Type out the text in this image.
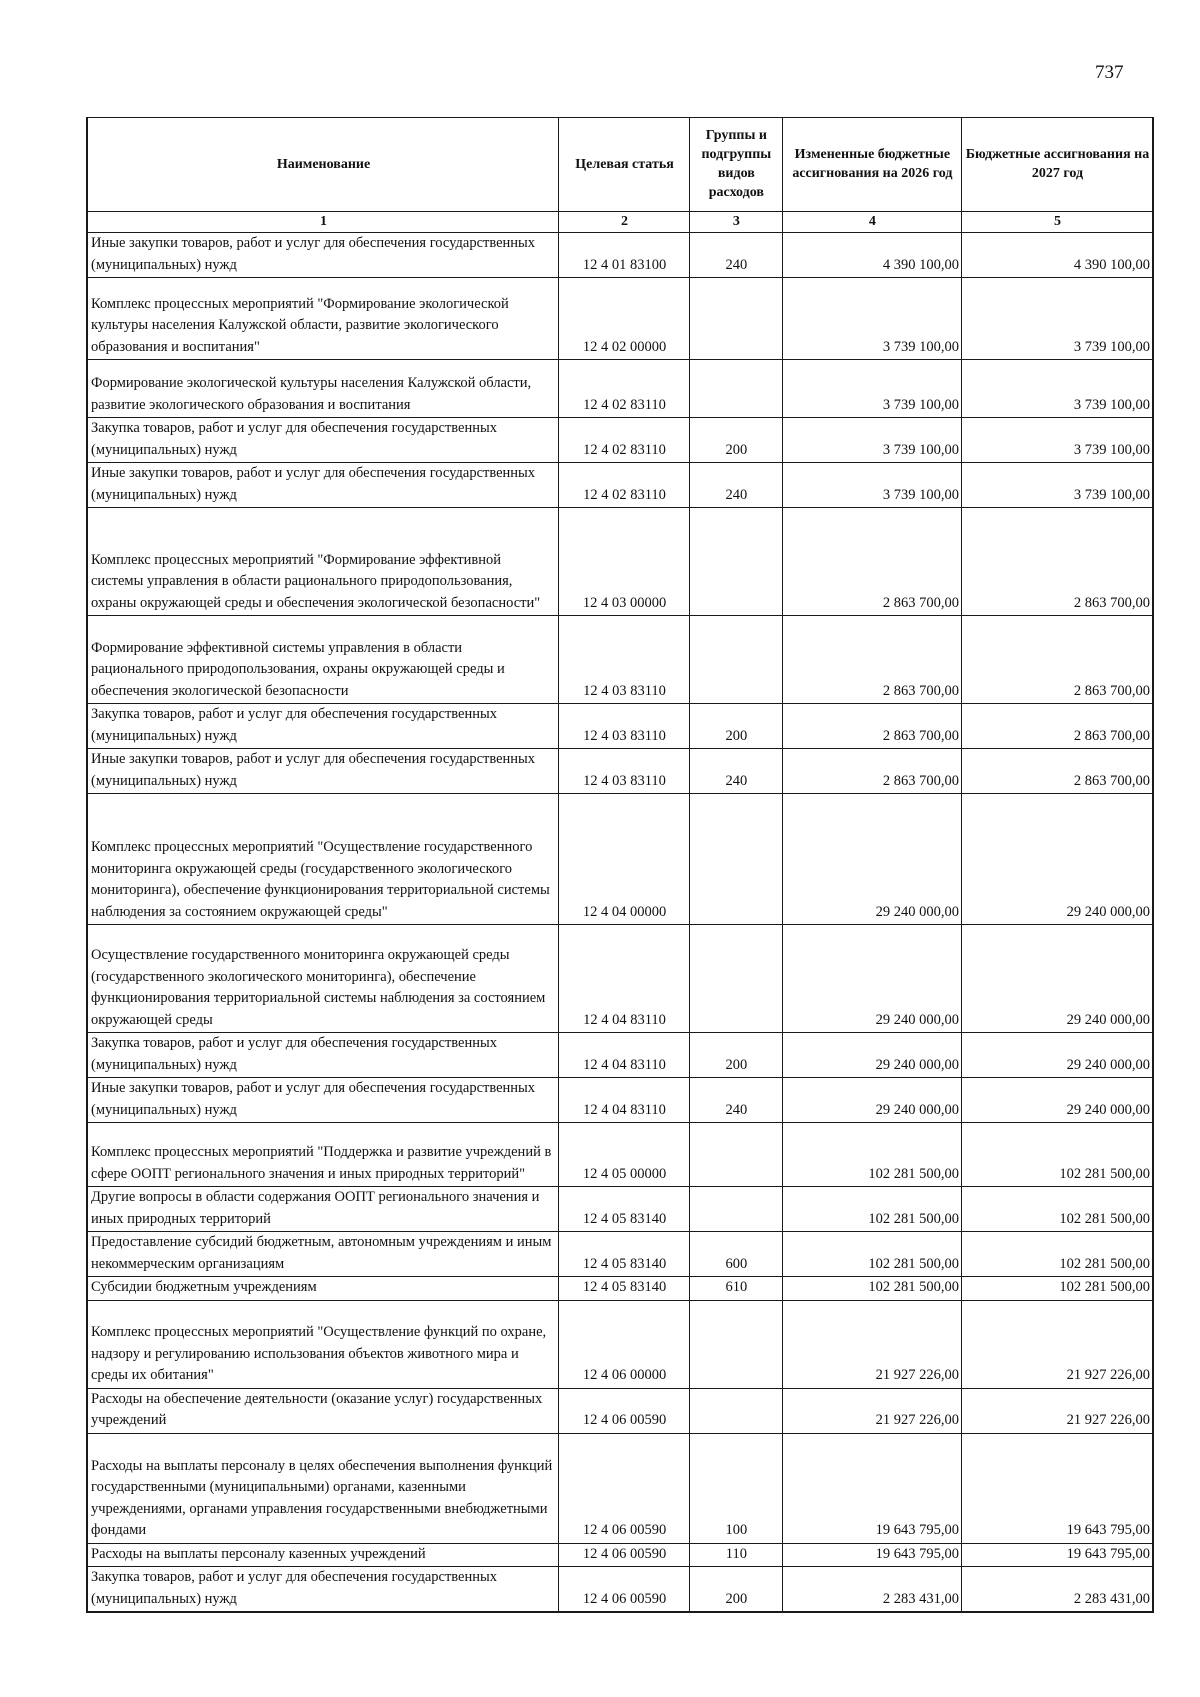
737
Наименование	Целевая статья	Группы и подгруппы видов расходов	Измененные бюджетные ассигнования на 2026 год	Бюджетные ассигнования на 2027 год
1	2	3	4	5
Иные закупки товаров, работ и услуг для обеспечения государственных (муниципальных) нужд	12 4 01 83100	240	4 390 100,00	4 390 100,00
Комплекс процессных мероприятий "Формирование экологической культуры населения Калужской области, развитие экологического образования и воспитания"	12 4 02 00000		3 739 100,00	3 739 100,00
Формирование экологической культуры населения Калужской области, развитие экологического образования и воспитания	12 4 02 83110		3 739 100,00	3 739 100,00
Закупка товаров, работ и услуг для обеспечения государственных (муниципальных) нужд	12 4 02 83110	200	3 739 100,00	3 739 100,00
Иные закупки товаров, работ и услуг для обеспечения государственных (муниципальных) нужд	12 4 02 83110	240	3 739 100,00	3 739 100,00
Комплекс процессных мероприятий "Формирование эффективной системы управления в области рационального природопользования, охраны окружающей среды и обеспечения экологической безопасности"	12 4 03 00000		2 863 700,00	2 863 700,00
Формирование эффективной системы управления в области рационального природопользования, охраны окружающей среды и обеспечения экологической безопасности	12 4 03 83110		2 863 700,00	2 863 700,00
Закупка товаров, работ и услуг для обеспечения государственных (муниципальных) нужд	12 4 03 83110	200	2 863 700,00	2 863 700,00
Иные закупки товаров, работ и услуг для обеспечения государственных (муниципальных) нужд	12 4 03 83110	240	2 863 700,00	2 863 700,00
Комплекс процессных мероприятий "Осуществление государственного мониторинга окружающей среды (государственного экологического мониторинга), обеспечение функционирования территориальной системы наблюдения за состоянием окружающей среды"	12 4 04 00000		29 240 000,00	29 240 000,00
Осуществление государственного мониторинга окружающей среды (государственного экологического мониторинга), обеспечение функционирования территориальной системы наблюдения за состоянием окружающей среды	12 4 04 83110		29 240 000,00	29 240 000,00
Закупка товаров, работ и услуг для обеспечения государственных (муниципальных) нужд	12 4 04 83110	200	29 240 000,00	29 240 000,00
Иные закупки товаров, работ и услуг для обеспечения государственных (муниципальных) нужд	12 4 04 83110	240	29 240 000,00	29 240 000,00
Комплекс процессных мероприятий "Поддержка и развитие учреждений в сфере ООПТ регионального значения и иных природных территорий"	12 4 05 00000		102 281 500,00	102 281 500,00
Другие вопросы в области содержания ООПТ регионального значения и иных природных территорий	12 4 05 83140		102 281 500,00	102 281 500,00
Предоставление субсидий бюджетным, автономным учреждениям и иным некоммерческим организациям	12 4 05 83140	600	102 281 500,00	102 281 500,00
Субсидии бюджетным учреждениям	12 4 05 83140	610	102 281 500,00	102 281 500,00
Комплекс процессных мероприятий "Осуществление функций по охране, надзору и регулированию использования объектов животного мира и среды их обитания"	12 4 06 00000		21 927 226,00	21 927 226,00
Расходы на обеспечение деятельности (оказание услуг) государственных учреждений	12 4 06 00590		21 927 226,00	21 927 226,00
Расходы на выплаты персоналу в целях обеспечения выполнения функций государственными (муниципальными) органами, казенными учреждениями, органами управления государственными внебюджетными фондами	12 4 06 00590	100	19 643 795,00	19 643 795,00
Расходы на выплаты персоналу казенных учреждений	12 4 06 00590	110	19 643 795,00	19 643 795,00
Закупка товаров, работ и услуг для обеспечения государственных (муниципальных) нужд	12 4 06 00590	200	2 283 431,00	2 283 431,00
